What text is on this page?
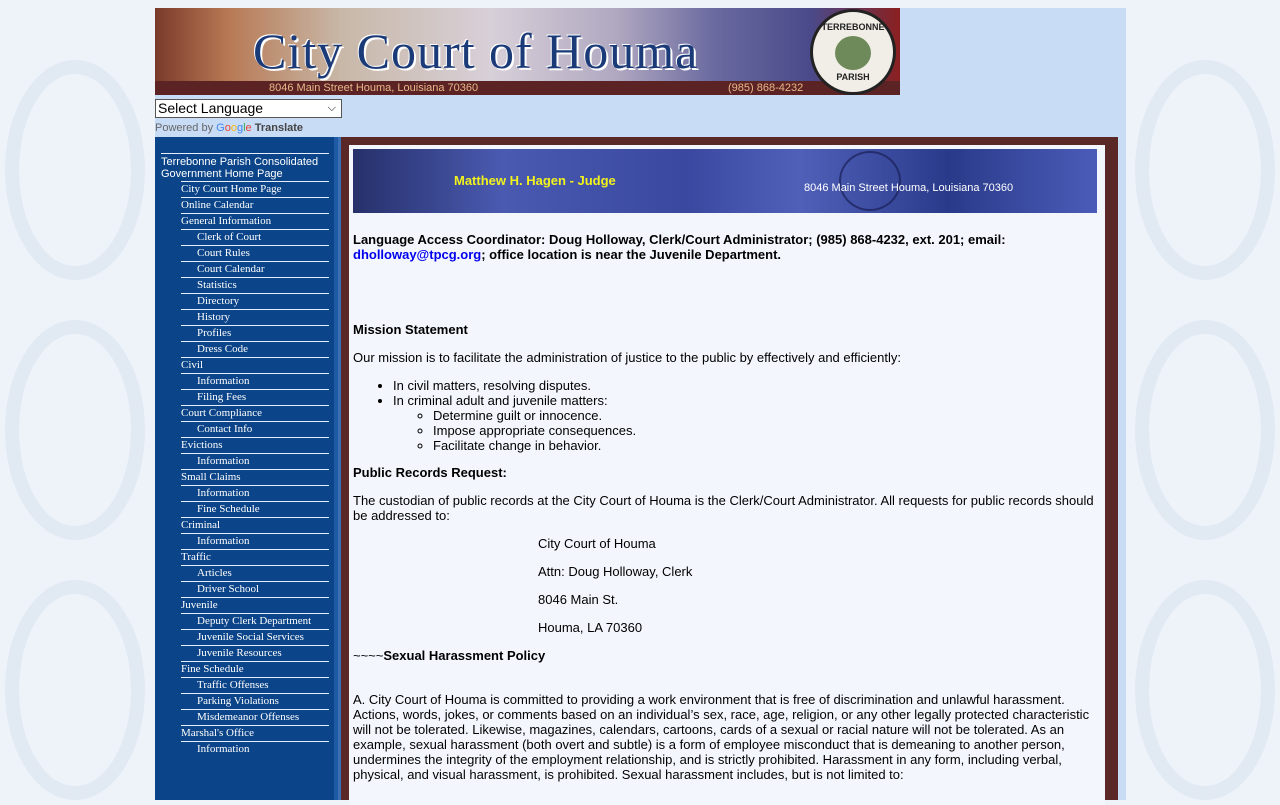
City Court of Houma
8046 Main Street Houma, Louisiana 70360	(985) 868-4232
TERREBONNE
PARISH
Select Language	⌵
Powered by Google Translate
Terrebonne Parish Consolidated Government Home Page
City Court Home Page
Online Calendar
General Information
Clerk of Court
Court Rules
Court Calendar
Statistics
Directory
History
Profiles
Dress Code
Civil
Information
Filing Fees
Court Compliance
Contact Info
Evictions
Information
Small Claims
Information
Fine Schedule
Criminal
Information
Traffic
Articles
Driver School
Juvenile
Deputy Clerk Department
Juvenile Social Services
Juvenile Resources
Fine Schedule
Traffic Offenses
Parking Violations
Misdemeanor Offenses
Marshal's Office
Information
Matthew H. Hagen - Judge	8046 Main Street Houma, Louisiana 70360

Language Access Coordinator: Doug Holloway, Clerk/Court Administrator; (985) 868-4232, ext. 201; email: dholloway@tpcg.org; office location is near the Juvenile Department.

Mission Statement

Our mission is to facilitate the administration of justice to the public by effectively and efficiently:

• In civil matters, resolving disputes.
• In criminal adult and juvenile matters:
◦ Determine guilt or innocence.
◦ Impose appropriate consequences.
◦ Facilitate change in behavior.

Public Records Request:

The custodian of public records at the City Court of Houma is the Clerk/Court Administrator. All requests for public records should be addressed to:

City Court of Houma
Attn: Doug Holloway, Clerk
8046 Main St.
Houma, LA 70360

~~~~Sexual Harassment Policy

A. City Court of Houma is committed to providing a work environment that is free of discrimination and unlawful harassment. Actions, words, jokes, or comments based on an individual’s sex, race, age, religion, or any other legally protected characteristic will not be tolerated. Likewise, magazines, calendars, cartoons, cards of a sexual or racial nature will not be tolerated. As an example, sexual harassment (both overt and subtle) is a form of employee misconduct that is demeaning to another person, undermines the integrity of the employment relationship, and is strictly prohibited. Harassment in any form, including verbal, physical, and visual harassment, is prohibited. Sexual harassment includes, but is not limited to:
